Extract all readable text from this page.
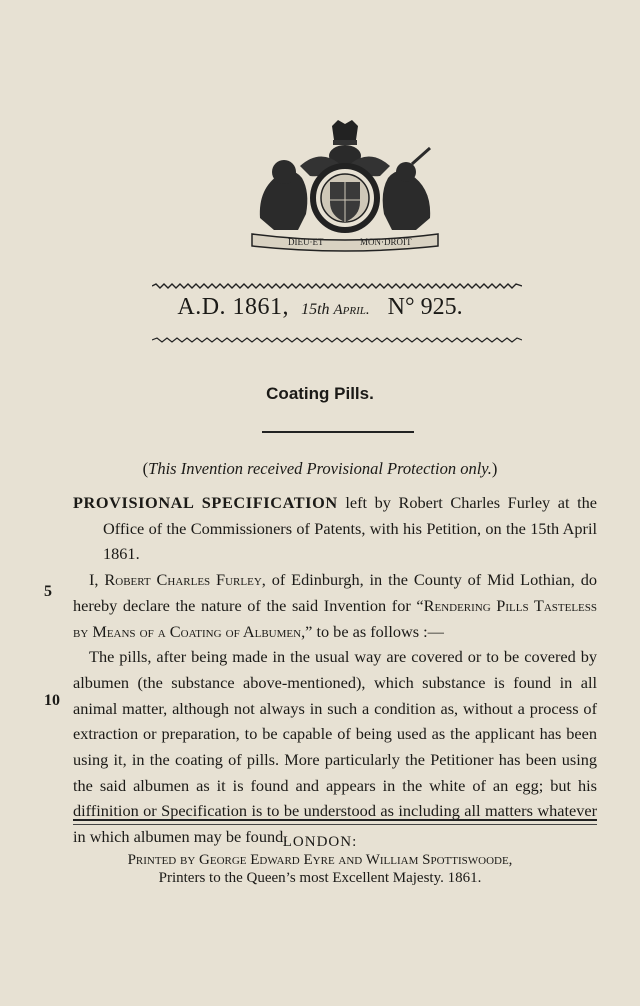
DIEU·ET	MON·DROIT
A.D. 1861, 15th April. N° 925.
Coating Pills.
(This Invention received Provisional Protection only.)

PROVISIONAL SPECIFICATION left by Robert Charles Furley at the Office of the Commissioners of Patents, with his Petition, on the 15th April 1861.

I, Robert Charles Furley, of Edinburgh, in the County of Mid Lothian, do hereby declare the nature of the said Invention for “Rendering Pills Tasteless by Means of a Coating of Albumen,” to be as follows :—

The pills, after being made in the usual way are covered or to be covered by albumen (the substance above-mentioned), which substance is found in all animal matter, although not always in such a condition as, without a process of extraction or preparation, to be capable of being used as the applicant has been using it, in the coating of pills. More particularly the Petitioner has been using the said albumen as it is found and appears in the white of an egg; but his diffinition or Specification is to be understood as including all matters whatever in which albumen may be found.

5
10
LONDON:
Printed by George Edward Eyre and William Spottiswoode,
Printers to the Queen’s most Excellent Majesty. 1861.
